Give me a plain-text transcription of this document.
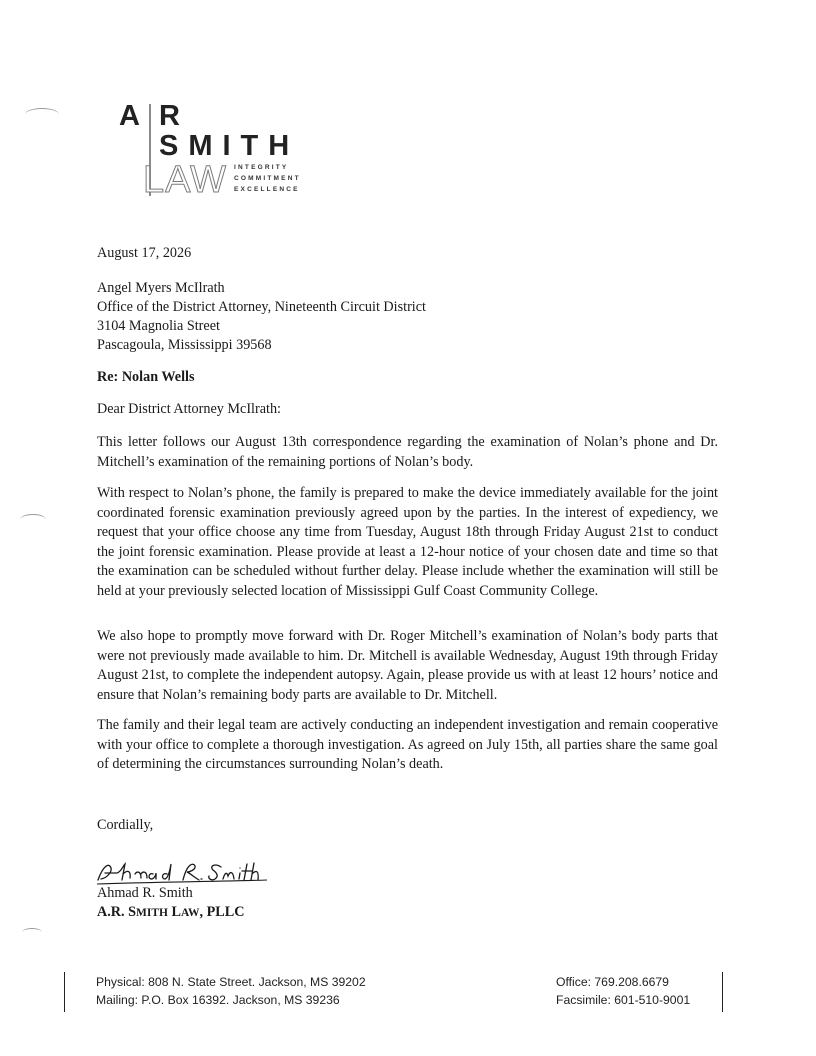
A R
SMITH
LAW INTEGRITY
COMMITMENT
EXCELLENCE
August 17, 2026
Angel Myers McIlrath
Office of the District Attorney, Nineteenth Circuit District
3104 Magnolia Street
Pascagoula, Mississippi 39568
Re: Nolan Wells
Dear District Attorney McIlrath:
This letter follows our August 13th correspondence regarding the examination of Nolan’s phone and Dr. Mitchell’s examination of the remaining portions of Nolan’s body.
With respect to Nolan’s phone, the family is prepared to make the device immediately available for the joint coordinated forensic examination previously agreed upon by the parties. In the interest of expediency, we request that your office choose any time from Tuesday, August 18th through Friday August 21st to conduct the joint forensic examination. Please provide at least a 12-hour notice of your chosen date and time so that the examination can be scheduled without further delay. Please include whether the examination will still be held at your previously selected location of Mississippi Gulf Coast Community College.
We also hope to promptly move forward with Dr. Roger Mitchell’s examination of Nolan’s body parts that were not previously made available to him. Dr. Mitchell is available Wednesday, August 19th through Friday August 21st, to complete the independent autopsy. Again, please provide us with at least 12 hours’ notice and ensure that Nolan’s remaining body parts are available to Dr. Mitchell.
The family and their legal team are actively conducting an independent investigation and remain cooperative with your office to complete a thorough investigation. As agreed on July 15th, all parties share the same goal of determining the circumstances surrounding Nolan’s death.
Cordially,
Ahmad R. Smith
A.R. SMITH LAW, PLLC
Physical: 808 N. State Street. Jackson, MS 39202
Mailing: P.O. Box 16392. Jackson, MS 39236
Office: 769.208.6679
Facsimile: 601-510-9001
